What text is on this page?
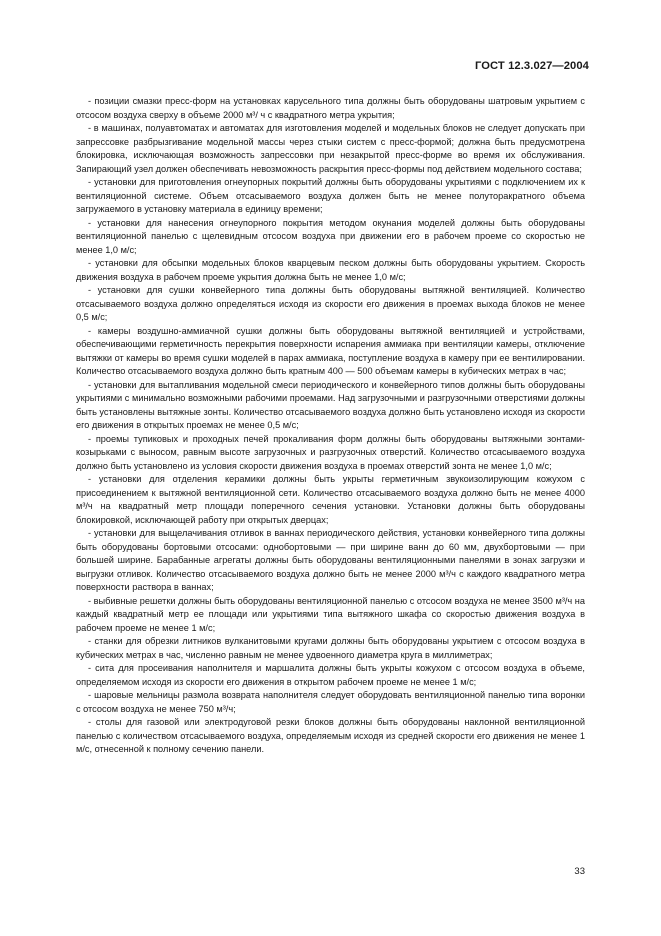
ГОСТ 12.3.027—2004

- позиции смазки пресс-форм на установках карусельного типа должны быть оборудованы шатровым укрытием с отсосом воздуха сверху в объеме 2000 м³/ ч с квадратного метра укрытия;

- в машинах, полуавтоматах и автоматах для изготовления моделей и модельных блоков не следует допускать при запрессовке разбрызгивание модельной массы через стыки систем с пресс-формой; должна быть предусмотрена блокировка, исключающая возможность запрессовки при незакрытой пресс-форме во время их обслуживания. Запирающий узел должен обеспечивать невозможность раскрытия пресс-формы под действием модельного состава;

- установки для приготовления огнеупорных покрытий должны быть оборудованы укрытиями с подключением их к вентиляционной системе. Объем отсасываемого воздуха должен быть не менее полуторакратного объема загружаемого в установку материала в единицу времени;

- установки для нанесения огнеупорного покрытия методом окунания моделей должны быть оборудованы вентиляционной панелью с щелевидным отсосом воздуха при движении его в рабочем проеме со скоростью не менее 1,0 м/с;

- установки для обсыпки модельных блоков кварцевым песком должны быть оборудованы укрытием. Скорость движения воздуха в рабочем проеме укрытия должна быть не менее 1,0 м/с;

- установки для сушки конвейерного типа должны быть оборудованы вытяжной вентиляцией. Количество отсасываемого воздуха должно определяться исходя из скорости его движения в проемах выхода блоков не менее 0,5 м/с;

- камеры воздушно-аммиачной сушки должны быть оборудованы вытяжной вентиляцией и устройствами, обеспечивающими герметичность перекрытия поверхности испарения аммиака при вентиляции камеры, отключение вытяжки от камеры во время сушки моделей в парах аммиака, поступление воздуха в камеру при ее вентилировании. Количество отсасываемого воздуха должно быть кратным 400 — 500 объемам камеры в кубических метрах в час;

- установки для вытапливания модельной смеси периодического и конвейерного типов должны быть оборудованы укрытиями с минимально возможными рабочими проемами. Над загрузочными и разгрузочными отверстиями должны быть установлены вытяжные зонты. Количество отсасываемого воздуха должно быть установлено исходя из скорости его движения в открытых проемах не менее 0,5 м/с;

- проемы тупиковых и проходных печей прокаливания форм должны быть оборудованы вытяжными зонтами-козырьками с выносом, равным высоте загрузочных и разгрузочных отверстий. Количество отсасываемого воздуха должно быть установлено из условия скорости движения воздуха в проемах отверстий зонта не менее 1,0 м/с;

- установки для отделения керамики должны быть укрыты герметичным звукоизолирующим кожухом с присоединением к вытяжной вентиляционной сети. Количество отсасываемого воздуха должно быть не менее 4000 м³/ч на квадратный метр площади поперечного сечения установки. Установки должны быть оборудованы блокировкой, исключающей работу при открытых дверцах;

- установки для выщелачивания отливок в ваннах периодического действия, установки конвейерного типа должны быть оборудованы бортовыми отсосами: однобортовыми — при ширине ванн до 60 мм, двухбортовыми — при большей ширине. Барабанные агрегаты должны быть оборудованы вентиляционными панелями в зонах загрузки и выгрузки отливок. Количество отсасываемого воздуха должно быть не менее 2000 м³/ч с каждого квадратного метра поверхности раствора в ваннах;

- выбивные решетки должны быть оборудованы вентиляционной панелью с отсосом воздуха не менее 3500 м³/ч на каждый квадратный метр ее площади или укрытиями типа вытяжного шкафа со скоростью движения воздуха в рабочем проеме не менее 1 м/с;

- станки для обрезки литников вулканитовыми кругами должны быть оборудованы укрытием с отсосом воздуха в кубических метрах в час, численно равным не менее удвоенного диаметра круга в миллиметрах;

- сита для просеивания наполнителя и маршалита должны быть укрыты кожухом с отсосом воздуха в объеме, определяемом исходя из скорости его движения в открытом рабочем проеме не менее 1 м/с;

- шаровые мельницы размола возврата наполнителя следует оборудовать вентиляционной панелью типа воронки с отсосом воздуха не менее 750 м³/ч;

- столы для газовой или электродуговой резки блоков должны быть оборудованы наклонной вентиляционной панелью с количеством отсасываемого воздуха, определяемым исходя из средней скорости его движения не менее 1 м/с, отнесенной к полному сечению панели.

33
